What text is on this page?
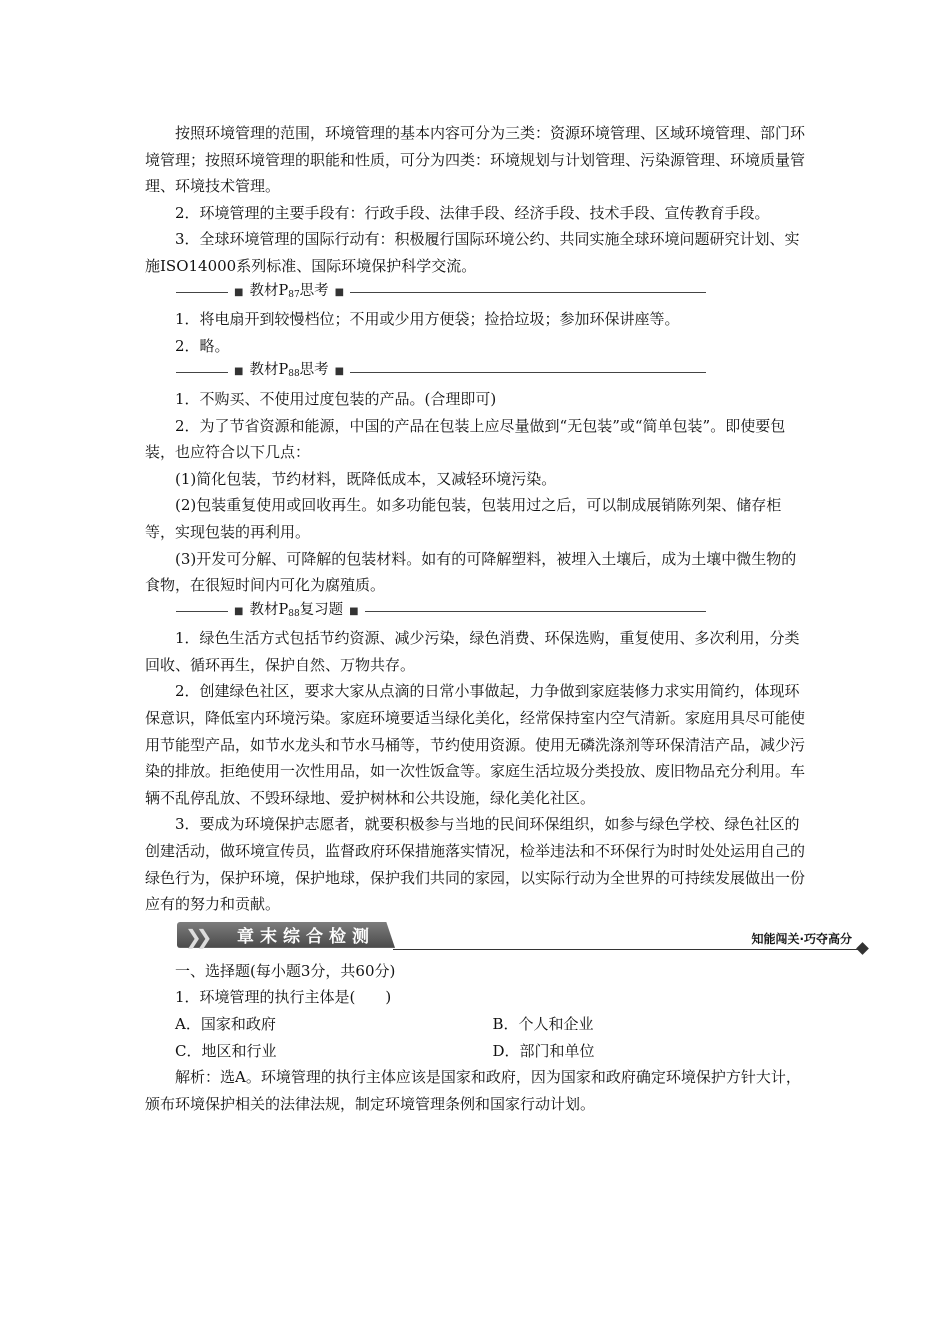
按照环境管理的范围，环境管理的基本内容可分为三类：资源环境管理、区域环境管理、部门环境管理；按照环境管理的职能和性质，可分为四类：环境规划与计划管理、污染源管理、环境质量管理、环境技术管理。

2．环境管理的主要手段有：行政手段、法律手段、经济手段、技术手段、宣传教育手段。

3．全球环境管理的国际行动有：积极履行国际环境公约、共同实施全球环境问题研究计划、实施ISO14000系列标准、国际环境保护科学交流。

■ 教材$P_{87}$思考 ■

1．将电扇开到较慢档位；不用或少用方便袋；捡拾垃圾；参加环保讲座等。

2．略。

■ 教材$P_{88}$思考 ■

1．不购买、不使用过度包装的产品。(合理即可)

2．为了节省资源和能源，中国的产品在包装上应尽量做到“无包装”或“简单包装”。即使要包装，也应符合以下几点：

(1)简化包装，节约材料，既降低成本，又减轻环境污染。

(2)包装重复使用或回收再生。如多功能包装，包装用过之后，可以制成展销陈列架、储存柜等，实现包装的再利用。

(3)开发可分解、可降解的包装材料。如有的可降解塑料，被埋入土壤后，成为土壤中微生物的食物，在很短时间内可化为腐殖质。

■ 教材$P_{88}$复习题 ■

1．绿色生活方式包括节约资源、减少污染，绿色消费、环保选购，重复使用、多次利用，分类回收、循环再生，保护自然、万物共存。

2．创建绿色社区，要求大家从点滴的日常小事做起，力争做到家庭装修力求实用简约，体现环保意识，降低室内环境污染。家庭环境要适当绿化美化，经常保持室内空气清新。家庭用具尽可能使用节能型产品，如节水龙头和节水马桶等，节约使用资源。使用无磷洗涤剂等环保清洁产品，减少污染的排放。拒绝使用一次性用品，如一次性饭盒等。家庭生活垃圾分类投放、废旧物品充分利用。车辆不乱停乱放、不毁环绿地、爱护树林和公共设施，绿化美化社区。

3．要成为环境保护志愿者，就要积极参与当地的民间环保组织，如参与绿色学校、绿色社区的创建活动，做环境宣传员，监督政府环保措施落实情况，检举违法和不环保行为时时处处运用自己的绿色行为，保护环境，保护地球，保护我们共同的家园，以实际行动为全世界的可持续发展做出一份应有的努力和贡献。

❯❯ 章末综合检测	知能闯关·巧夺高分

一、选择题(每小题3分，共60分)

1．环境管理的执行主体是(　　)

A．国家和政府	B．个人和企业
C．地区和行业	D．部门和单位

解析：选A。环境管理的执行主体应该是国家和政府，因为国家和政府确定环境保护方针大计，颁布环境保护相关的法律法规，制定环境管理条例和国家行动计划。
